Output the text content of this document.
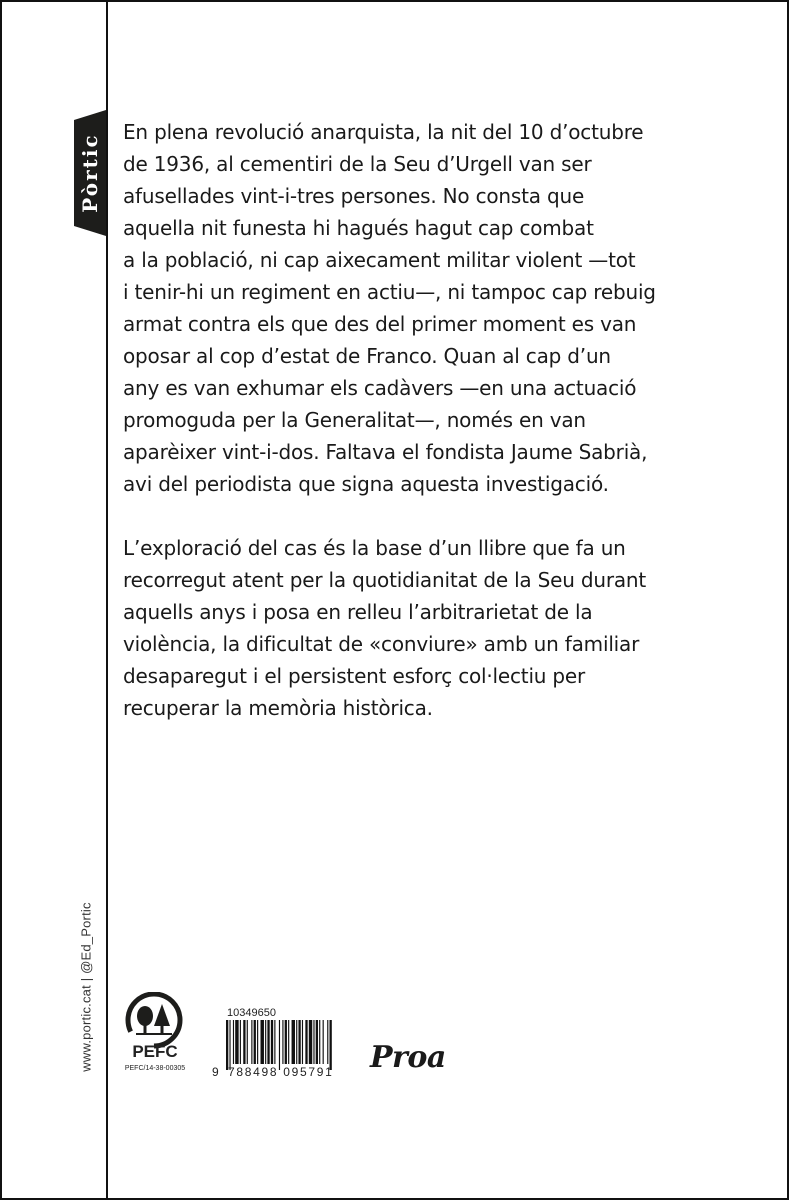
Pòrtic

En plena revolució anarquista, la nit del 10 d’octubre
de 1936, al cementiri de la Seu d’Urgell van ser
afusellades vint-i-tres persones. No consta que
aquella nit funesta hi hagués hagut cap combat
a la població, ni cap aixecament militar violent —tot
i tenir-hi un regiment en actiu—, ni tampoc cap rebuig
armat contra els que des del primer moment es van
oposar al cop d’estat de Franco. Quan al cap d’un
any es van exhumar els cadàvers —en una actuació
promoguda per la Generalitat—, només en van
aparèixer vint-i-dos. Faltava el fondista Jaume Sabrià,
avi del periodista que signa aquesta investigació.

L’exploració del cas és la base d’un llibre que fa un
recorregut atent per la quotidianitat de la Seu durant
aquells anys i posa en relleu l’arbitrarietat de la
violència, la dificultat de «conviure» amb un familiar
desaparegut i el persistent esforç col·lectiu per
recuperar la memòria històrica.

www.portic.cat | @Ed_Portic	PEFC
PEFC/14-38-00305
10349650
9 788498 095791 Proa
